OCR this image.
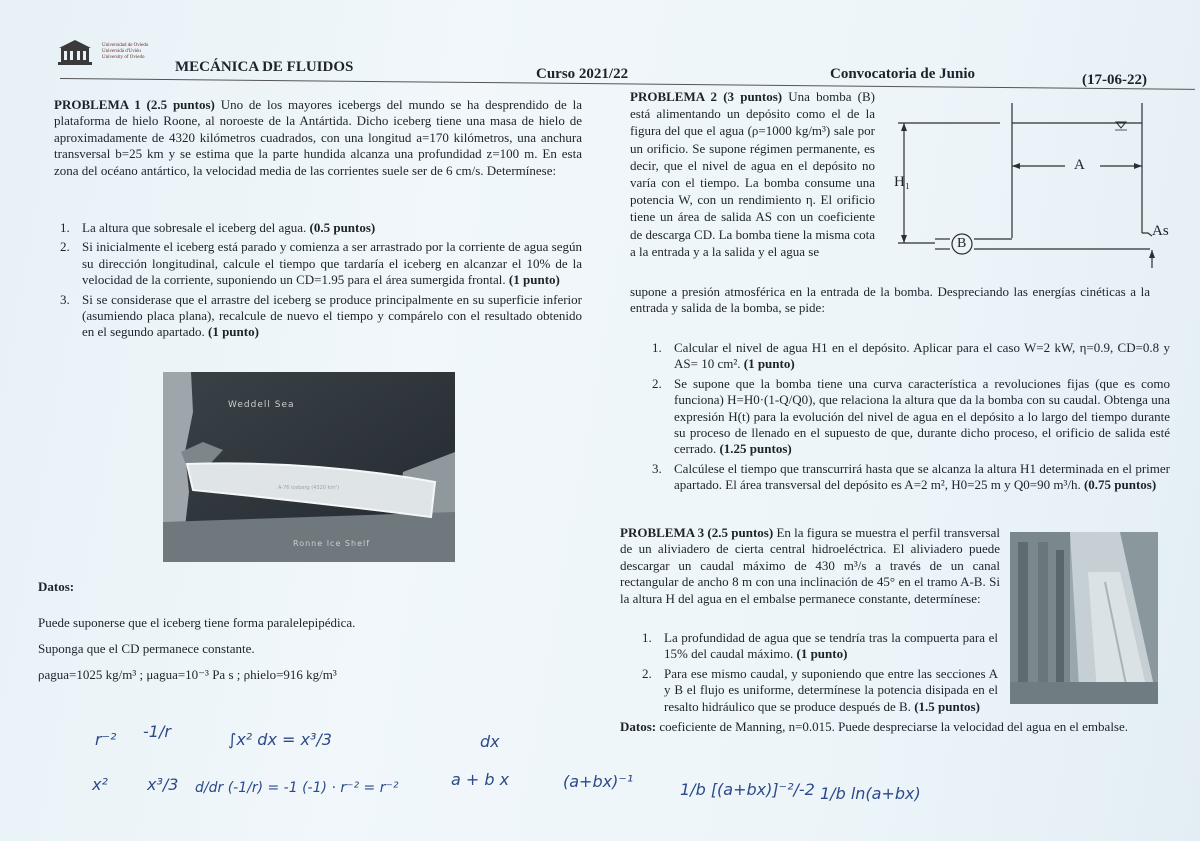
Universidad de Oviedo
Universidá d'Uviéu
University of Oviedo
MECÁNICA DE FLUIDOS	Curso 2021/22	Convocatoria de Junio	(17-06-22)
PROBLEMA 1 (2.5 puntos) Uno de los mayores icebergs del mundo se ha desprendido de la plataforma de hielo Roone, al noroeste de la Antártida. Dicho iceberg tiene una masa de hielo de aproximadamente de 4320 kilómetros cuadrados, con una longitud a=170 kilómetros, una anchura transversal b=25 km y se estima que la parte hundida alcanza una profundidad z=100 m. En esta zona del océano antártico, la velocidad media de las corrientes suele ser de 6 cm/s. Determínese:
1. La altura que sobresale el iceberg del agua. (0.5 puntos)
2. Si inicialmente el iceberg está parado y comienza a ser arrastrado por la corriente de agua según su dirección longitudinal, calcule el tiempo que tardaría el iceberg en alcanzar el 10% de la velocidad de la corriente, suponiendo un CD=1.95 para el área sumergida frontal. (1 punto)
3. Si se considerase que el arrastre del iceberg se produce principalmente en su superficie inferior (asumiendo placa plana), recalcule de nuevo el tiempo y compárelo con el resultado obtenido en el segundo apartado. (1 punto)
Weddell Sea
A-76 iceberg (4320 km²)
Ronne Ice Shelf
Datos:
Puede suponerse que el iceberg tiene forma paralelepipédica.
Suponga que el CD permanece constante.
ρagua=1025 kg/m³ ; μagua=10⁻³ Pa s ; ρhielo=916 kg/m³
PROBLEMA 2 (3 puntos) Una bomba (B) está alimentando un depósito como el de la figura del que el agua (ρ=1000 kg/m³) sale por un orificio. Se supone régimen permanente, es decir, que el nivel de agua en el depósito no varía con el tiempo. La bomba consume una potencia W, con un rendimiento η. El orificio tiene un área de salida AS con un coeficiente de descarga CD. La bomba tiene la misma cota a la entrada y a la salida y el agua se
supone a presión atmosférica en la entrada de la bomba. Despreciando las energías cinéticas a la entrada y salida de la bomba, se pide:
H₁
A
As
B
1. Calcular el nivel de agua H1 en el depósito. Aplicar para el caso W=2 kW, η=0.9, CD=0.8 y AS= 10 cm². (1 punto)
2. Se supone que la bomba tiene una curva característica a revoluciones fijas (que es como funciona) H=H0·(1-Q/Q0), que relaciona la altura que da la bomba con su caudal. Obtenga una expresión H(t) para la evolución del nivel de agua en el depósito a lo largo del tiempo durante su proceso de llenado en el supuesto de que, durante dicho proceso, el orificio de salida esté cerrado. (1.25 puntos)
3. Calcúlese el tiempo que transcurrirá hasta que se alcanza la altura H1 determinada en el primer apartado. El área transversal del depósito es A=2 m², H0=25 m y Q0=90 m³/h. (0.75 puntos)
PROBLEMA 3 (2.5 puntos) En la figura se muestra el perfil transversal de un aliviadero de cierta central hidroeléctrica. El aliviadero puede descargar un caudal máximo de 430 m³/s a través de un canal rectangular de ancho 8 m con una inclinación de 45° en el tramo A-B. Si la altura H del agua en el embalse permanece constante, determínese:
1. La profundidad de agua que se tendría tras la compuerta para el 15% del caudal máximo. (1 punto)
2. Para ese mismo caudal, y suponiendo que entre las secciones A y B el flujo es uniforme, determínese la potencia disipada en el resalto hidráulico que se produce después de B. (1.5 puntos)
Datos: coeficiente de Manning, n=0.015. Puede despreciarse la velocidad del agua en el embalse.
r⁻² -1/r	∫x² dx = x³/3	dx
a + b x
x² x³/3 d/dr (-1/r) = -1 (-1) · r⁻² = r⁻²	(a+bx)⁻¹	1/b [(a+bx)]⁻²/-2 1/b ln(a+bx)
